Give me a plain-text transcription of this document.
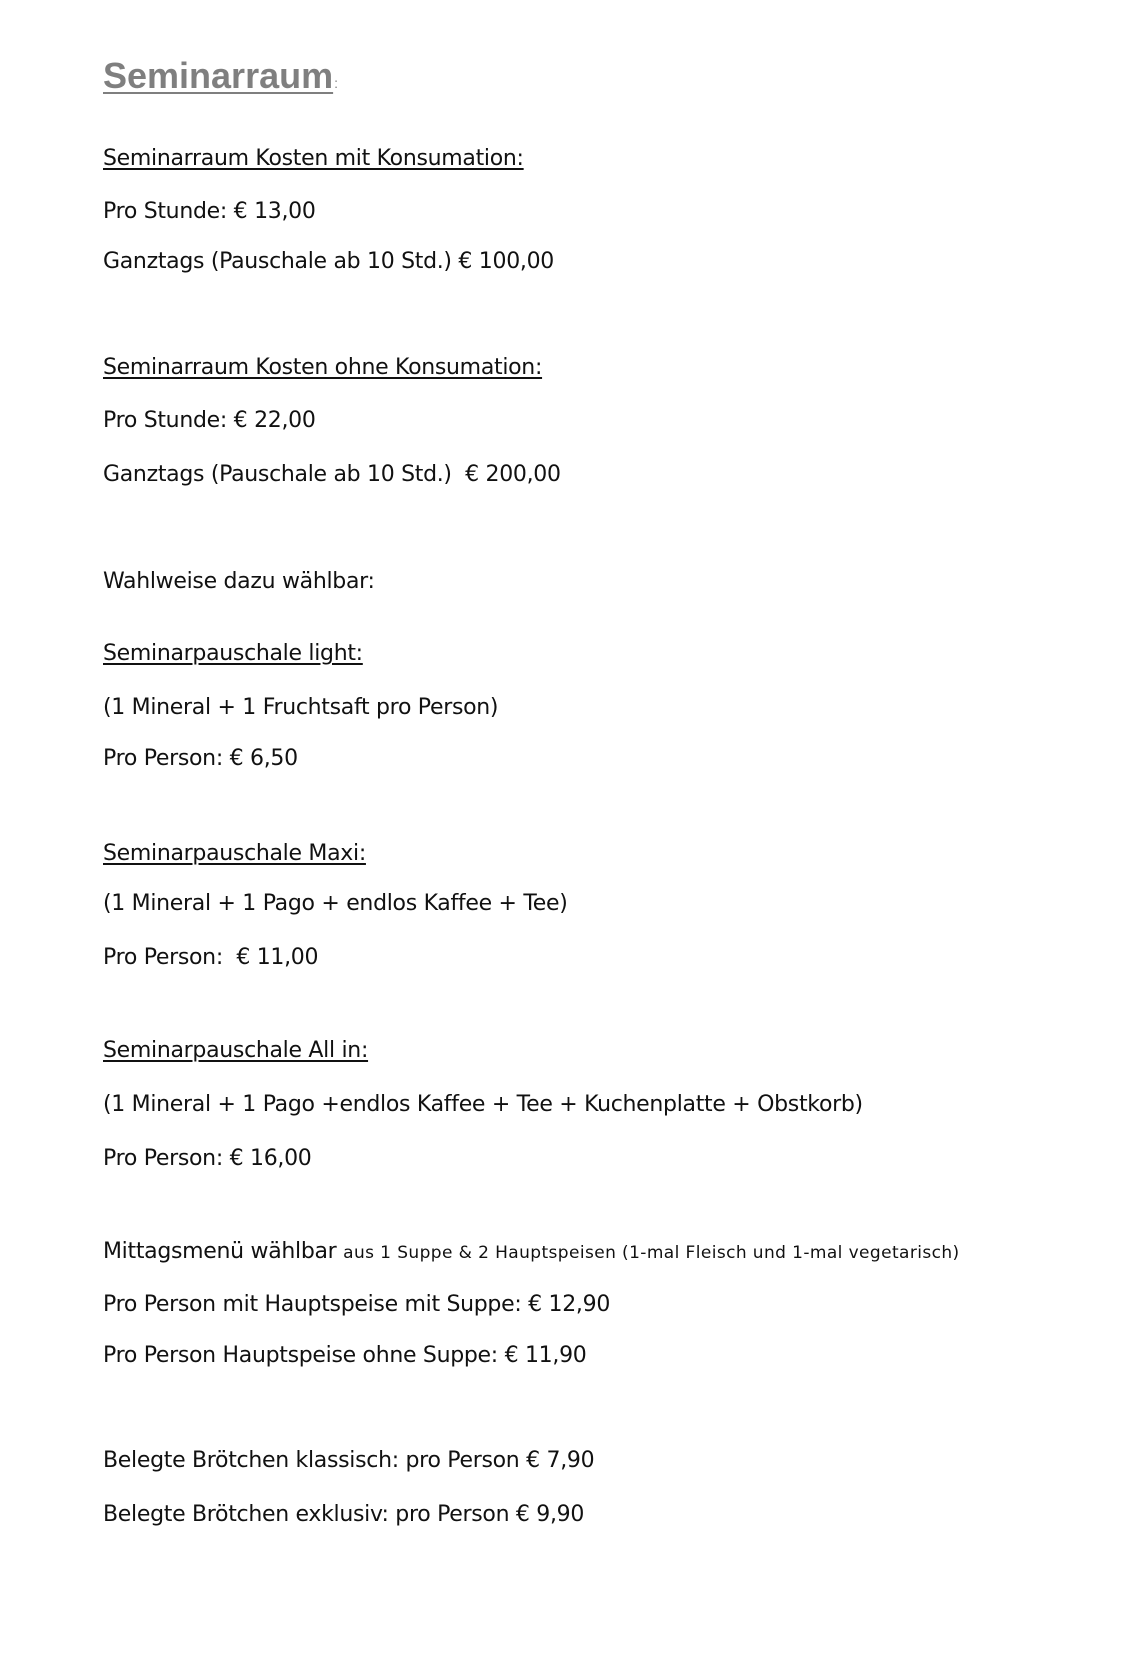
Seminarraum:
Seminarraum Kosten mit Konsumation:
Pro Stunde: € 13,00
Ganztags (Pauschale ab 10 Std.) € 100,00
Seminarraum Kosten ohne Konsumation:
Pro Stunde: € 22,00
Ganztags (Pauschale ab 10 Std.)  € 200,00
Wahlweise dazu wählbar:
Seminarpauschale light:
(1 Mineral + 1 Fruchtsaft pro Person)
Pro Person: € 6,50
Seminarpauschale Maxi:
(1 Mineral + 1 Pago + endlos Kaffee + Tee)
Pro Person:  € 11,00
Seminarpauschale All in:
(1 Mineral + 1 Pago +endlos Kaffee + Tee + Kuchenplatte + Obstkorb)
Pro Person: € 16,00
Mittagsmenü wählbar aus 1 Suppe & 2 Hauptspeisen (1-mal Fleisch und 1-mal vegetarisch)
Pro Person mit Hauptspeise mit Suppe: € 12,90
Pro Person Hauptspeise ohne Suppe: € 11,90
Belegte Brötchen klassisch: pro Person € 7,90
Belegte Brötchen exklusiv: pro Person € 9,90
